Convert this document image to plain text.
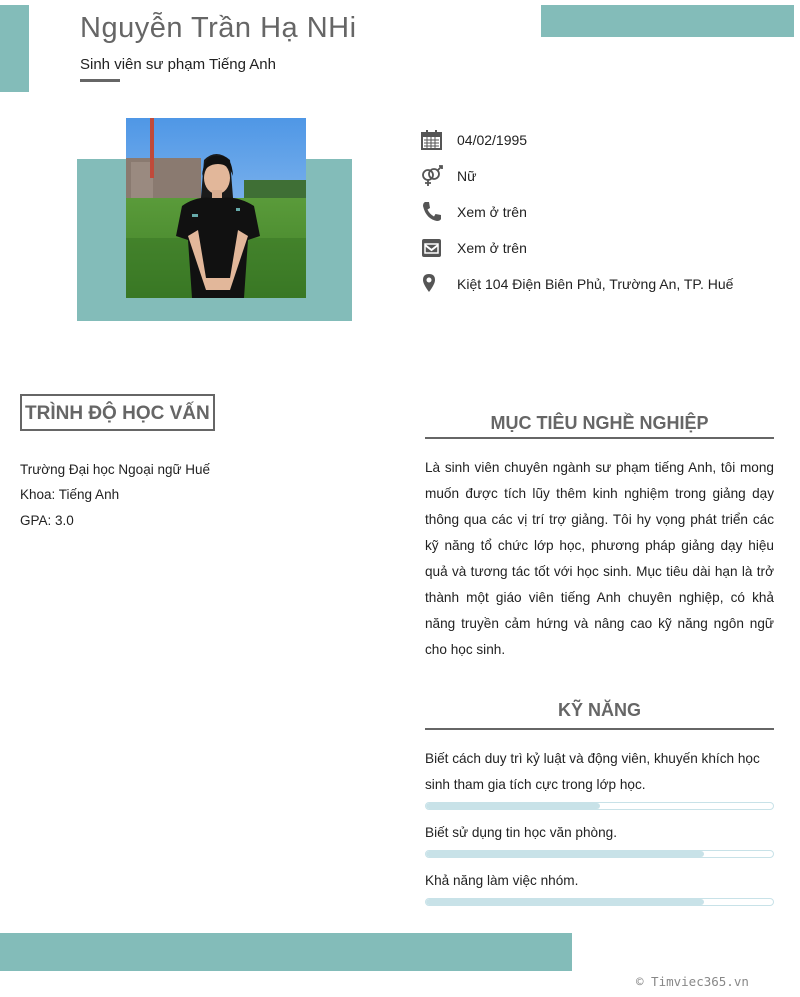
Nguyễn Trần Hạ NHi
Sinh viên sư phạm Tiếng Anh
04/02/1995
Nữ
Xem ở trên
Xem ở trên
Kiệt 104 Điện Biên Phủ, Trường An, TP. Huế
TRÌNH ĐỘ HỌC VẤN
Trường Đại học Ngoại ngữ Huế
Khoa: Tiếng Anh
GPA: 3.0
MỤC TIÊU NGHỀ NGHIỆP
Là sinh viên chuyên ngành sư phạm tiếng Anh, tôi mong muốn được tích lũy thêm kinh nghiệm trong giảng dạy thông qua các vị trí trợ giảng. Tôi hy vọng phát triển các kỹ năng tổ chức lớp học, phương pháp giảng dạy hiệu quả và tương tác tốt với học sinh. Mục tiêu dài hạn là trở thành một giáo viên tiếng Anh chuyên nghiệp, có khả năng truyền cảm hứng và nâng cao kỹ năng ngôn ngữ cho học sinh.
KỸ NĂNG
Biết cách duy trì kỷ luật và động viên, khuyến khích học sinh tham gia tích cực trong lớp học.
Biết sử dụng tin học văn phòng.
Khả năng làm việc nhóm.
© Timviec365.vn
